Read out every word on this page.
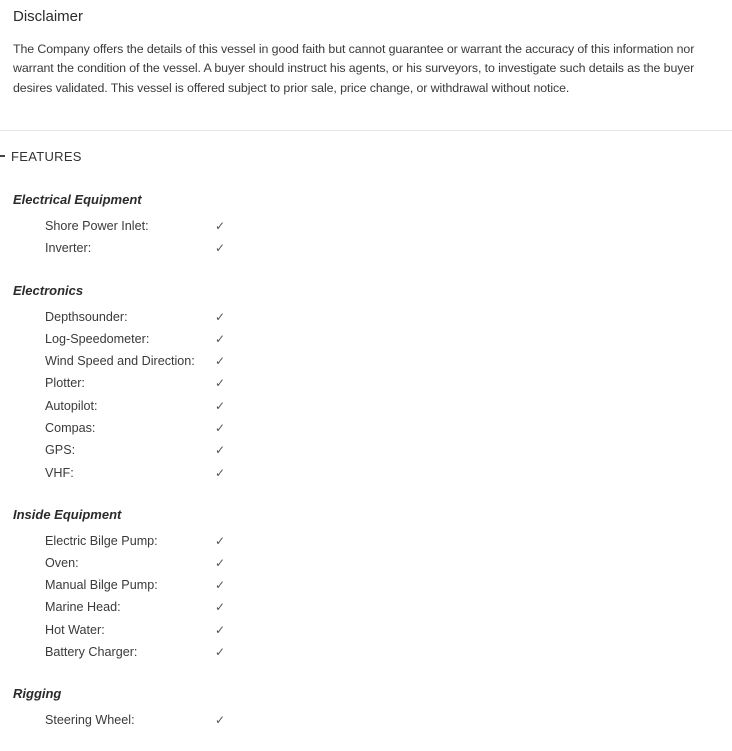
Disclaimer

The Company offers the details of this vessel in good faith but cannot guarantee or warrant the accuracy of this information nor warrant the condition of the vessel. A buyer should instruct his agents, or his surveyors, to investigate such details as the buyer desires validated. This vessel is offered subject to prior sale, price change, or withdrawal without notice.

FEATURES
Electrical Equipment
Shore Power Inlet:	✓
Inverter:	✓
Electronics
Depthsounder:	✓
Log-Speedometer:	✓
Wind Speed and Direction: ✓
Plotter:	✓
Autopilot:	✓
Compas:	✓
GPS:	✓
VHF:	✓
Inside Equipment
Electric Bilge Pump:	✓
Oven:	✓
Manual Bilge Pump:	✓
Marine Head:	✓
Hot Water:	✓
Battery Charger:	✓
Rigging
Steering Wheel:	✓
